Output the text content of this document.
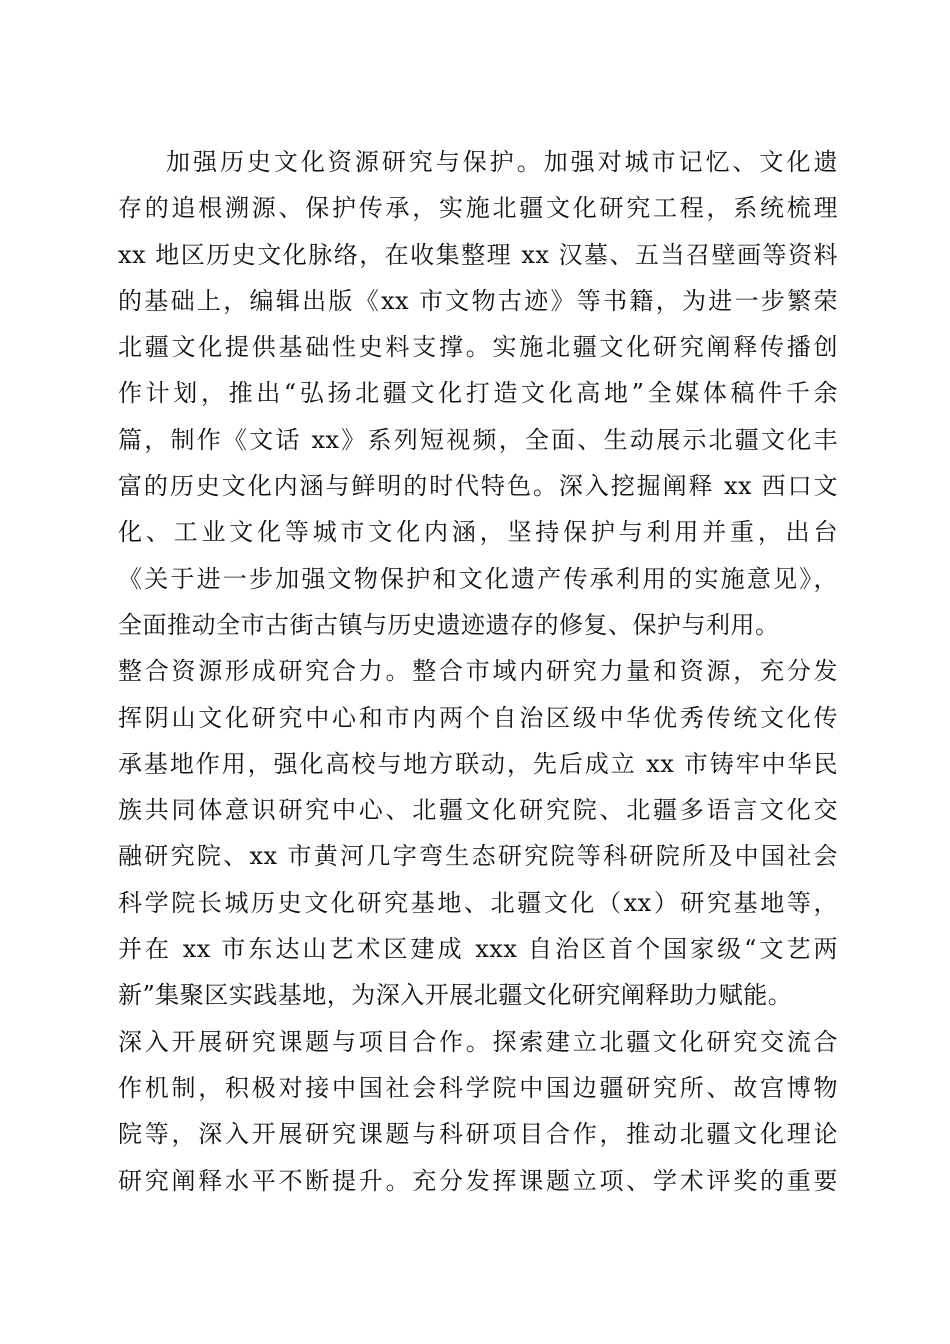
加强历史文化资源研究与保护。加强对城市记忆、文化遗
存的追根溯源、保护传承，实施北疆文化研究工程，系统梳理
xx 地区历史文化脉络，在收集整理 xx 汉墓、五当召壁画等资料
的基础上，编辑出版《xx 市文物古迹》等书籍，为进一步繁荣
北疆文化提供基础性史料支撑。实施北疆文化研究阐释传播创
作计划，推出“弘扬北疆文化打造文化高地”全媒体稿件千余
篇，制作《文话 xx》系列短视频，全面、生动展示北疆文化丰
富的历史文化内涵与鲜明的时代特色。深入挖掘阐释 xx 西口文
化、工业文化等城市文化内涵，坚持保护与利用并重，出台
《关于进一步加强文物保护和文化遗产传承利用的实施意见》，
全面推动全市古街古镇与历史遗迹遗存的修复、保护与利用。
整合资源形成研究合力。整合市域内研究力量和资源，充分发
挥阴山文化研究中心和市内两个自治区级中华优秀传统文化传
承基地作用，强化高校与地方联动，先后成立 xx 市铸牢中华民
族共同体意识研究中心、北疆文化研究院、北疆多语言文化交
融研究院、xx 市黄河几字弯生态研究院等科研院所及中国社会
科学院长城历史文化研究基地、北疆文化（xx）研究基地等，
并在 xx 市东达山艺术区建成 xxx 自治区首个国家级“文艺两
新”集聚区实践基地，为深入开展北疆文化研究阐释助力赋能。
深入开展研究课题与项目合作。探索建立北疆文化研究交流合
作机制，积极对接中国社会科学院中国边疆研究所、故宫博物
院等，深入开展研究课题与科研项目合作，推动北疆文化理论
研究阐释水平不断提升。充分发挥课题立项、学术评奖的重要
